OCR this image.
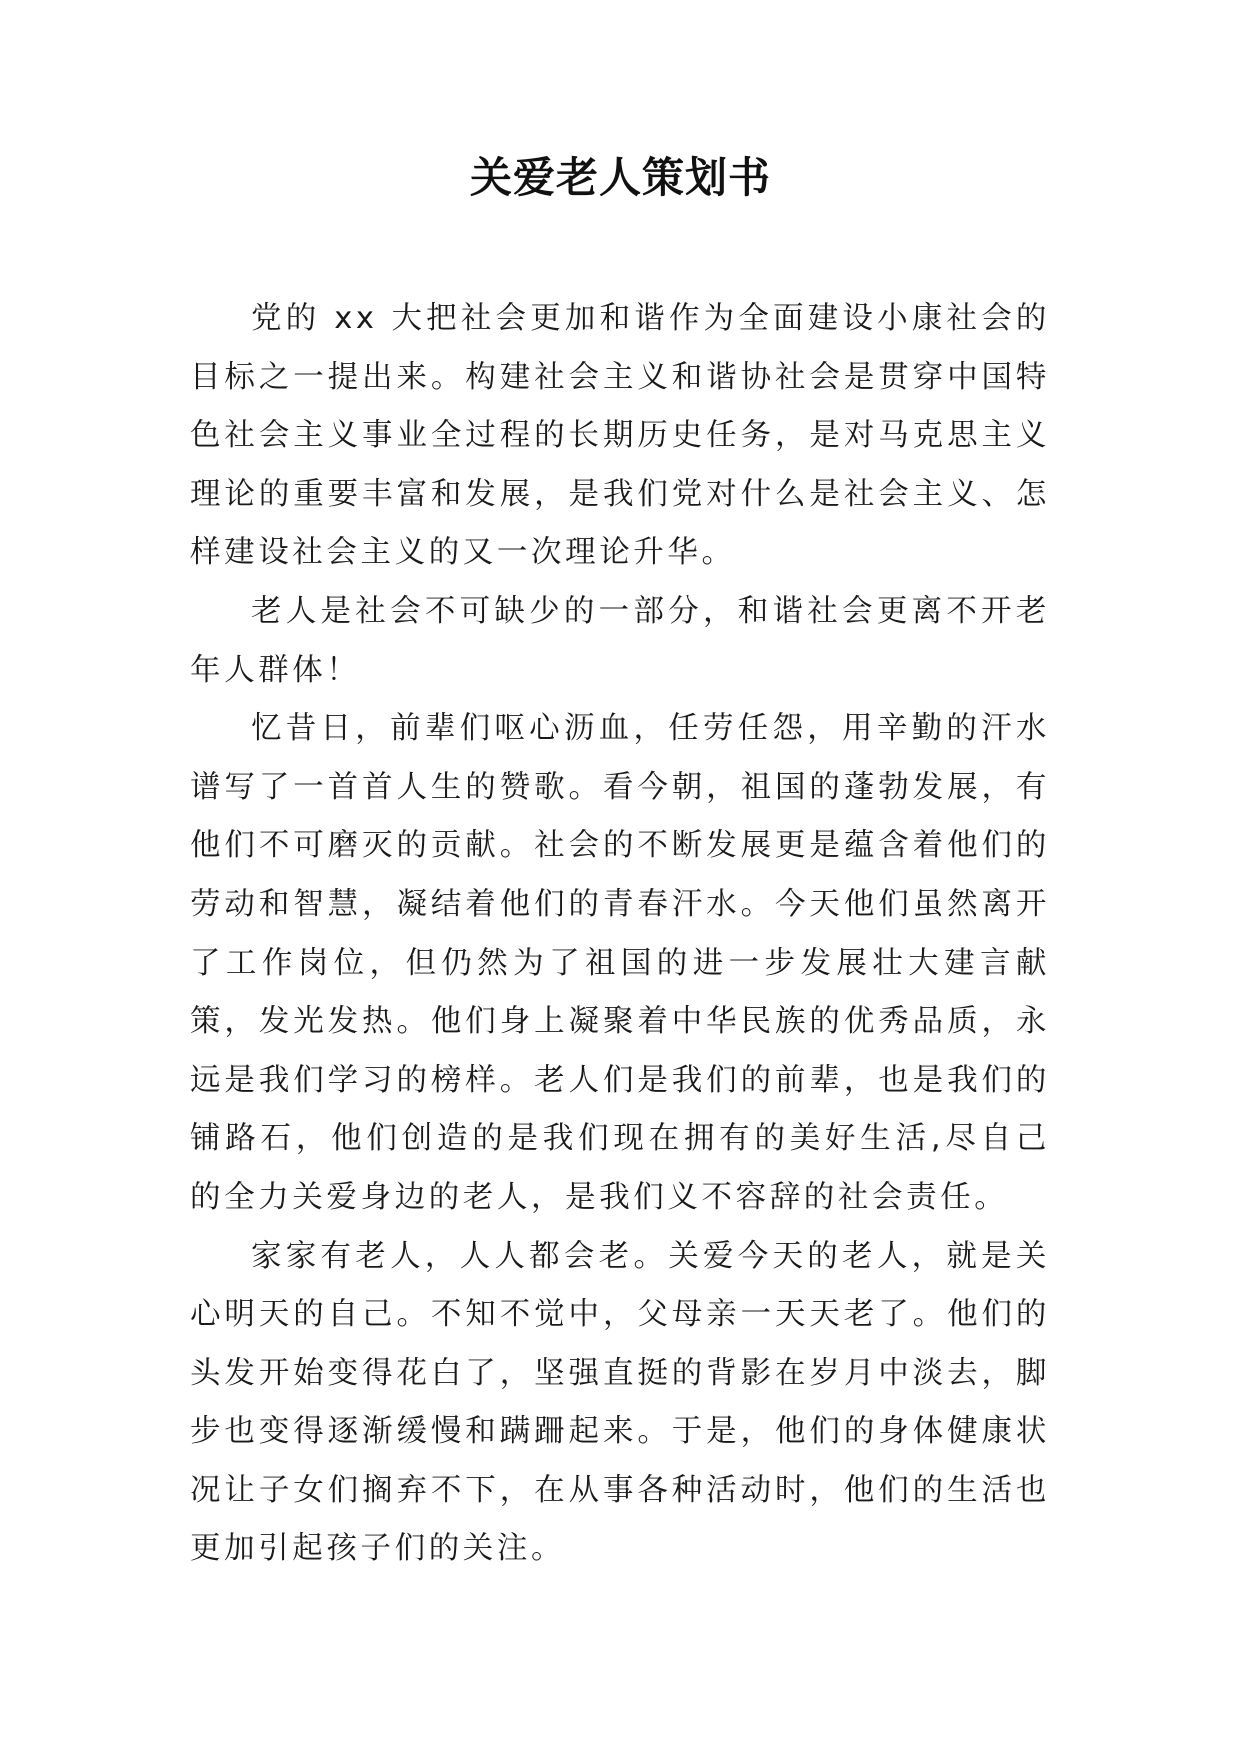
关爱老人策划书

党的 xx 大把社会更加和谐作为全面建设小康社会的目标之一提出来。构建社会主义和谐协社会是贯穿中国特色社会主义事业全过程的长期历史任务，是对马克思主义理论的重要丰富和发展，是我们党对什么是社会主义、怎样建设社会主义的又一次理论升华。

老人是社会不可缺少的一部分，和谐社会更离不开老年人群体！

忆昔日，前辈们呕心沥血，任劳任怨，用辛勤的汗水谱写了一首首人生的赞歌。看今朝，祖国的蓬勃发展，有他们不可磨灭的贡献。社会的不断发展更是蕴含着他们的劳动和智慧，凝结着他们的青春汗水。今天他们虽然离开了工作岗位，但仍然为了祖国的进一步发展壮大建言献策，发光发热。他们身上凝聚着中华民族的优秀品质，永远是我们学习的榜样。老人们是我们的前辈，也是我们的铺路石，他们创造的是我们现在拥有的美好生活,尽自己的全力关爱身边的老人，是我们义不容辞的社会责任。

家家有老人，人人都会老。关爱今天的老人，就是关心明天的自己。不知不觉中，父母亲一天天老了。他们的头发开始变得花白了，坚强直挺的背影在岁月中淡去，脚步也变得逐渐缓慢和蹒跚起来。于是，他们的身体健康状况让子女们搁弃不下，在从事各种活动时，他们的生活也更加引起孩子们的关注。
